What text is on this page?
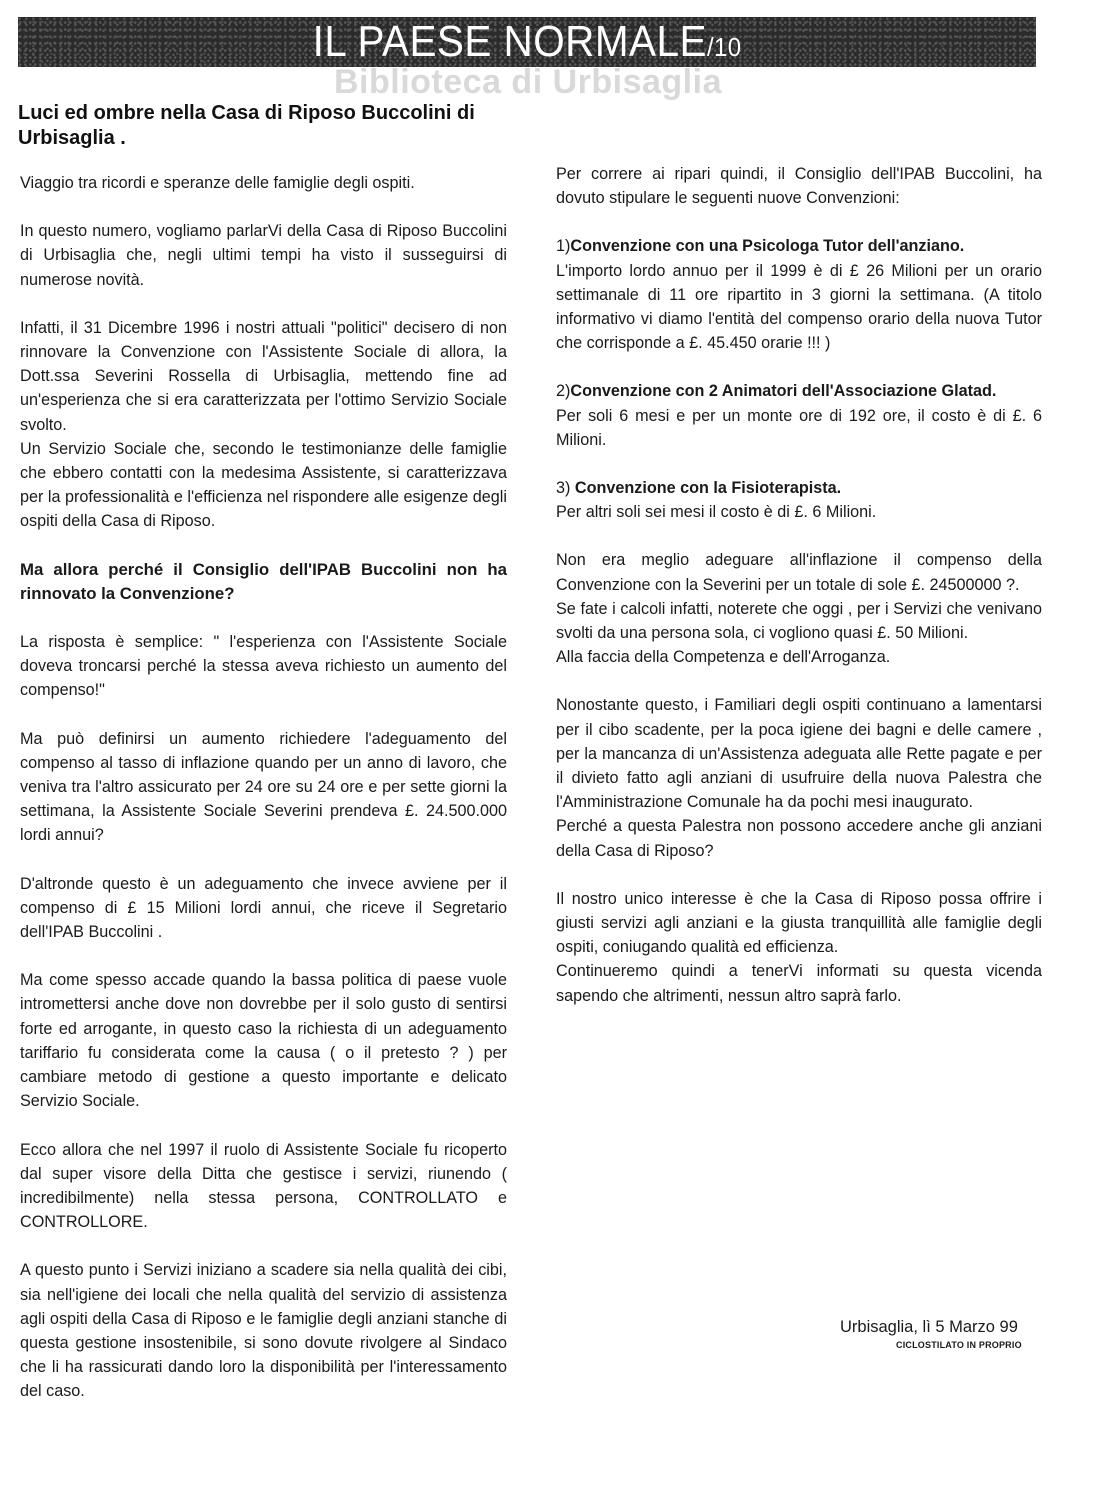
IL PAESE NORMALE/10
Biblioteca di Urbisaglia
Luci ed ombre nella Casa di Riposo Buccolini di Urbisaglia .

Viaggio tra ricordi e speranze delle famiglie degli ospiti.

In questo numero, vogliamo parlarVi della Casa di Riposo Buccolini di Urbisaglia che, negli ultimi tempi ha visto il susseguirsi di numerose novità.

Infatti, il 31 Dicembre 1996 i nostri attuali "politici" decisero di non rinnovare la Convenzione con l'Assistente Sociale di allora, la Dott.ssa Severini Rossella di Urbisaglia, mettendo fine ad un'esperienza che si era caratterizzata per l'ottimo Servizio Sociale svolto.

Un Servizio Sociale che, secondo le testimonianze delle famiglie che ebbero contatti con la medesima Assistente, si caratterizzava per la professionalità e l'efficienza nel rispondere alle esigenze degli ospiti della Casa di Riposo.

Ma allora perché il Consiglio dell'IPAB Buccolini non ha rinnovato la Convenzione?

La risposta è semplice: " l'esperienza con l'Assistente Sociale doveva troncarsi perché la stessa aveva richiesto un aumento del compenso!"

Ma può definirsi un aumento richiedere l'adeguamento del compenso al tasso di inflazione quando per un anno di lavoro, che veniva tra l'altro assicurato per 24 ore su 24 ore e per sette giorni la settimana, la Assistente Sociale Severini prendeva £. 24.500.000 lordi annui?

D'altronde questo è un adeguamento che invece avviene per il compenso di £ 15 Milioni lordi annui, che riceve il Segretario dell'IPAB Buccolini .

Ma come spesso accade quando la bassa politica di paese vuole intromettersi anche dove non dovrebbe per il solo gusto di sentirsi forte ed arrogante, in questo caso la richiesta di un adeguamento tariffario fu considerata come la causa ( o il pretesto ? ) per cambiare metodo di gestione a questo importante e delicato Servizio Sociale.

Ecco allora che nel 1997 il ruolo di Assistente Sociale fu ricoperto dal super visore della Ditta che gestisce i servizi, riunendo ( incredibilmente) nella stessa persona, CONTROLLATO e CONTROLLORE.

A questo punto i Servizi iniziano a scadere sia nella qualità dei cibi, sia nell'igiene dei locali che nella qualità del servizio di assistenza agli ospiti della Casa di Riposo e le famiglie degli anziani stanche di questa gestione insostenibile, si sono dovute rivolgere al Sindaco che li ha rassicurati dando loro la disponibilità per l'interessamento del caso.

Per correre ai ripari quindi, il Consiglio dell'IPAB Buccolini, ha dovuto stipulare le seguenti nuove Convenzioni:

1)Convenzione con una Psicologa Tutor dell'anziano.
L'importo lordo annuo per il 1999 è di £ 26 Milioni per un orario settimanale di 11 ore ripartito in 3 giorni la settimana. (A titolo informativo vi diamo l'entità del compenso orario della nuova Tutor che corrisponde a £. 45.450 orarie !!! )

2)Convenzione con 2 Animatori dell'Associazione Glatad.
Per soli 6 mesi e per un monte ore di 192 ore, il costo è di £. 6 Milioni.

3) Convenzione con la Fisioterapista.
Per altri soli sei mesi il costo è di £. 6 Milioni.

Non era meglio adeguare all'inflazione il compenso della Convenzione con la Severini per un totale di sole £. 24500000 ?.

Se fate i calcoli infatti, noterete che oggi , per i Servizi che venivano svolti da una persona sola, ci vogliono quasi £. 50 Milioni.

Alla faccia della Competenza e dell'Arroganza.

Nonostante questo, i Familiari degli ospiti continuano a lamentarsi per il cibo scadente, per la poca igiene dei bagni e delle camere , per la mancanza di un'Assistenza adeguata alle Rette pagate e per il divieto fatto agli anziani di usufruire della nuova Palestra che l'Amministrazione Comunale ha da pochi mesi inaugurato.

Perché a questa Palestra non possono accedere anche gli anziani della Casa di Riposo?

Il nostro unico interesse è che la Casa di Riposo possa offrire i giusti servizi agli anziani e la giusta tranquillità alle famiglie degli ospiti, coniugando qualità ed efficienza.

Continueremo quindi a tenerVi informati su questa vicenda sapendo che altrimenti, nessun altro saprà farlo.

Urbisaglia, lì 5 Marzo 99
CICLOSTILATO IN PROPRIO
